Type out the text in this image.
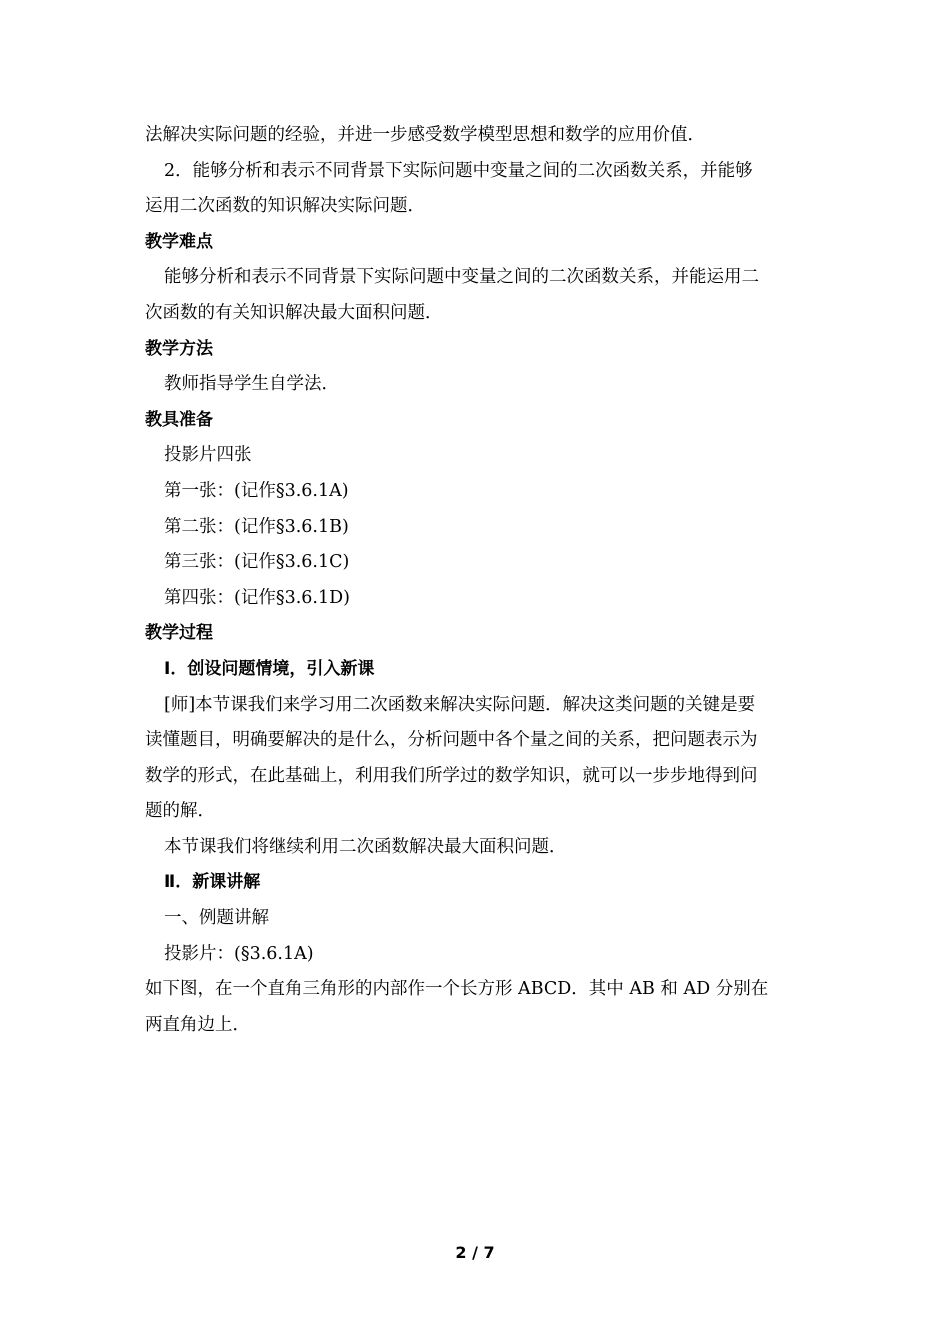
法解决实际问题的经验，并进一步感受数学模型思想和数学的应用价值．
2．能够分析和表示不同背景下实际问题中变量之间的二次函数关系，并能够
运用二次函数的知识解决实际问题．
教学难点
能够分析和表示不同背景下实际问题中变量之间的二次函数关系，并能运用二
次函数的有关知识解决最大面积问题．
教学方法
教师指导学生自学法．
教具准备
投影片四张
第一张：(记作§3.6.1A)
第二张：(记作§3.6.1B)
第三张：(记作§3.6.1C)
第四张：(记作§3.6.1D)
教学过程
Ⅰ．创设问题情境，引入新课
[师]本节课我们来学习用二次函数来解决实际问题．解决这类问题的关键是要
读懂题目，明确要解决的是什么，分析问题中各个量之间的关系，把问题表示为
数学的形式，在此基础上，利用我们所学过的数学知识，就可以一步步地得到问
题的解．
本节课我们将继续利用二次函数解决最大面积问题．
Ⅱ．新课讲解
一、例题讲解
投影片：(§3.6.1A)
如下图，在一个直角三角形的内部作一个长方形 ABCD．其中 AB 和 AD 分别在
两直角边上．
2 / 7
